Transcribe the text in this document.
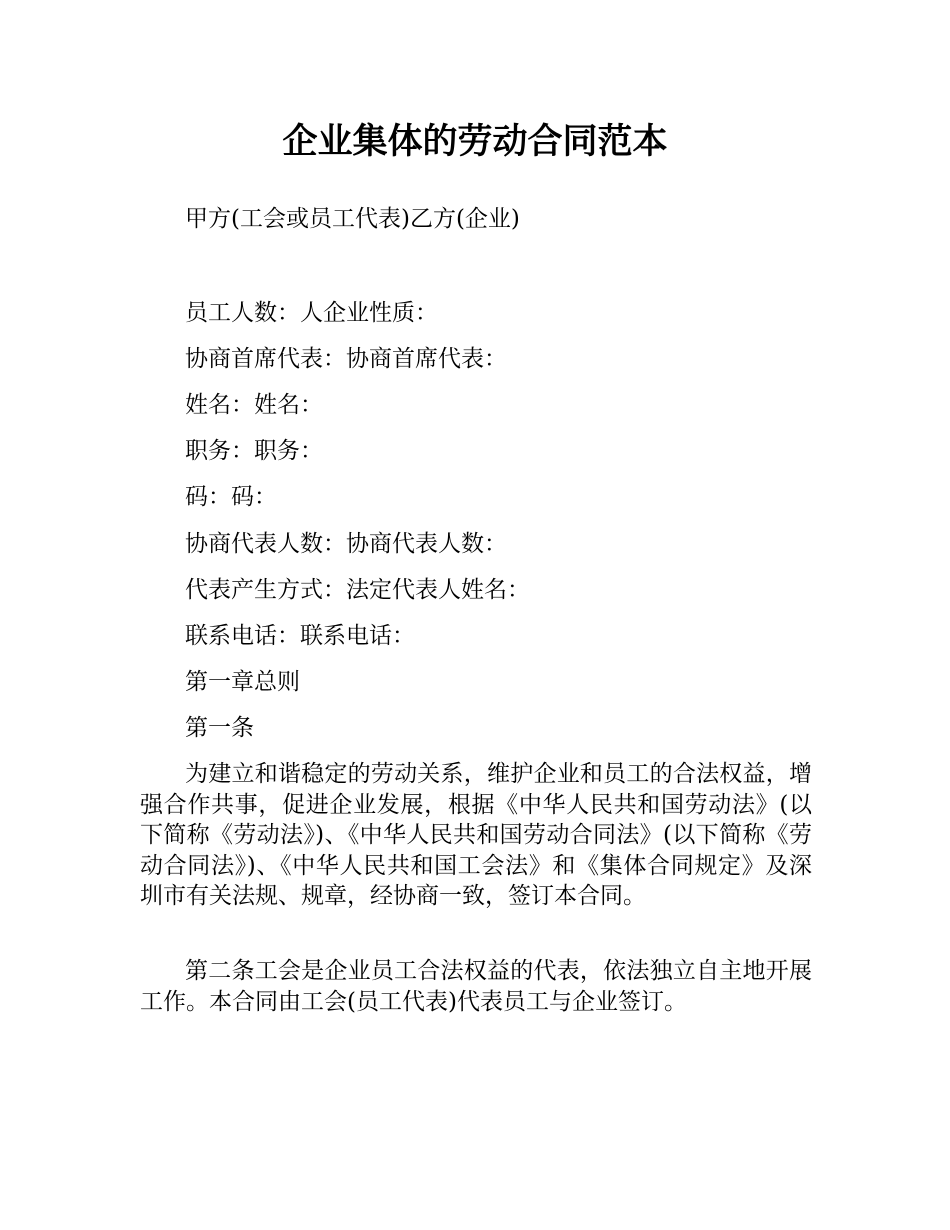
企业集体的劳动合同范本

甲方(工会或员工代表)乙方(企业)

员工人数：人企业性质：

协商首席代表：协商首席代表：

姓名：姓名：

职务：职务：

码：码：

协商代表人数：协商代表人数：

代表产生方式：法定代表人姓名：

联系电话：联系电话：

第一章总则

第一条

为建立和谐稳定的劳动关系，维护企业和员工的合法权益，增强合作共事，促进企业发展，根据《中华人民共和国劳动法》(以下简称《劳动法》)、《中华人民共和国劳动合同法》(以下简称《劳动合同法》)、《中华人民共和国工会法》和《集体合同规定》及深圳市有关法规、规章，经协商一致，签订本合同。

第二条工会是企业员工合法权益的代表，依法独立自主地开展工作。本合同由工会(员工代表)代表员工与企业签订。
